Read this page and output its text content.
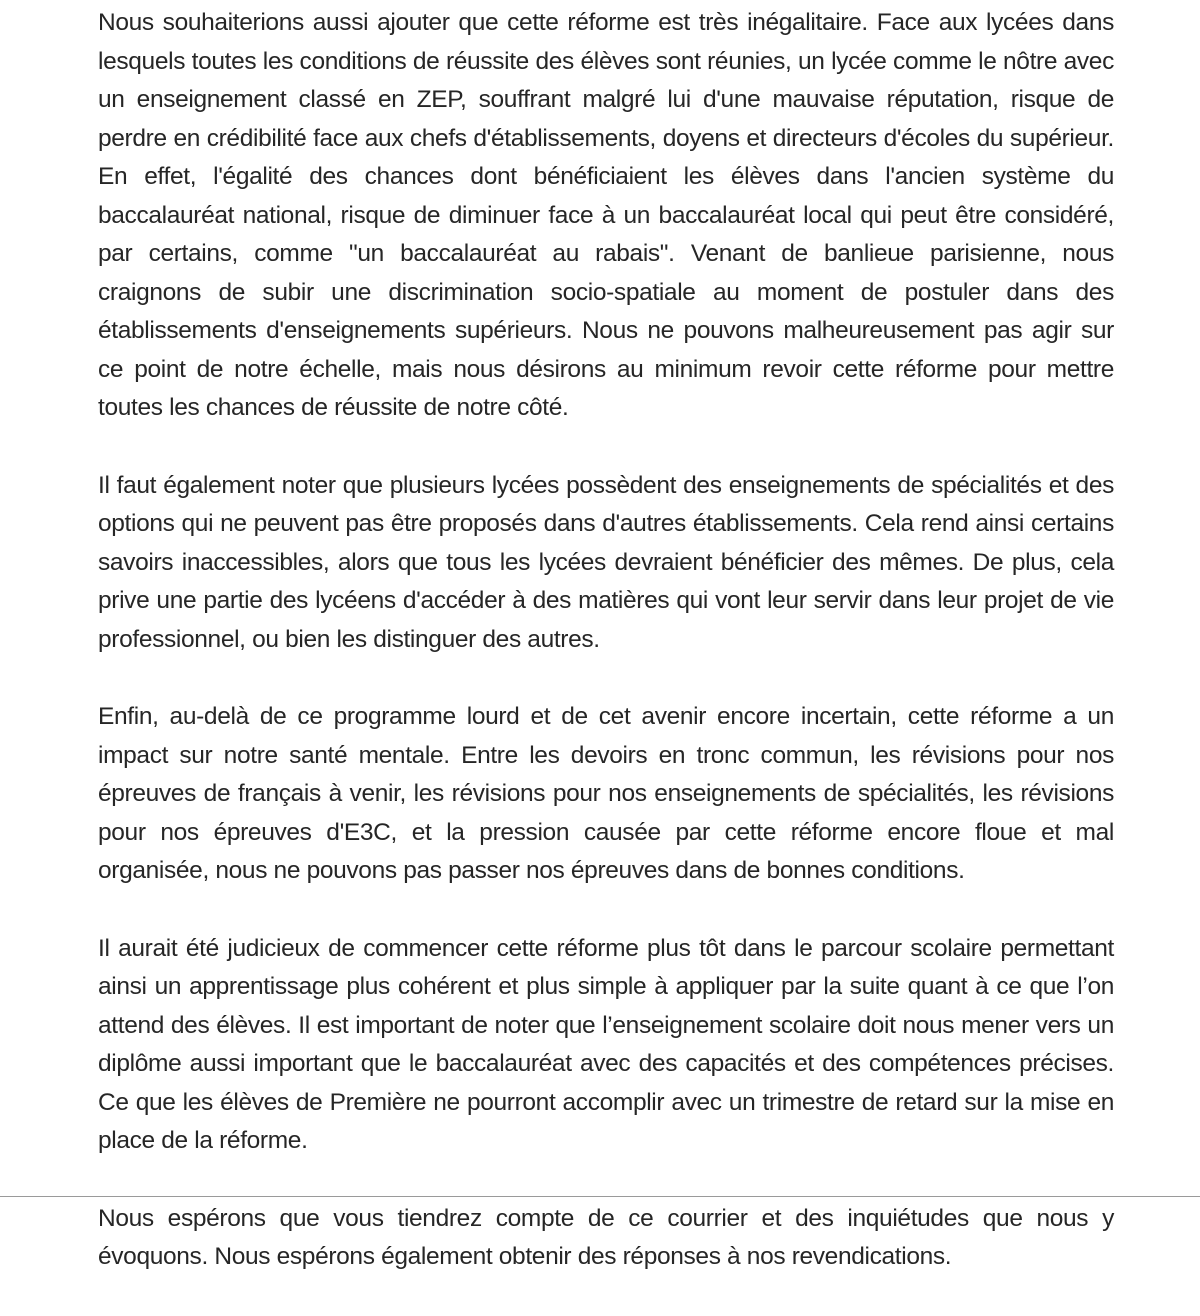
Nous souhaiterions aussi ajouter que cette réforme est très inégalitaire. Face aux lycées dans lesquels toutes les conditions de réussite des élèves sont réunies, un lycée comme le nôtre avec un enseignement classé en ZEP, souffrant malgré lui d'une mauvaise réputation, risque de perdre en crédibilité face aux chefs d'établissements, doyens et directeurs d'écoles du supérieur. En effet, l'égalité des chances dont bénéficiaient les élèves dans l'ancien système du baccalauréat national, risque de diminuer face à un baccalauréat local qui peut être considéré, par certains, comme "un baccalauréat au rabais". Venant de banlieue parisienne, nous craignons de subir une discrimination socio-spatiale au moment de postuler dans des établissements d'enseignements supérieurs. Nous ne pouvons malheureusement pas agir sur ce point de notre échelle, mais nous désirons au minimum revoir cette réforme pour mettre toutes les chances de réussite de notre côté.

Il faut également noter que plusieurs lycées possèdent des enseignements de spécialités et des options qui ne peuvent pas être proposés dans d'autres établissements. Cela rend ainsi certains savoirs inaccessibles, alors que tous les lycées devraient bénéficier des mêmes. De plus, cela prive une partie des lycéens d'accéder à des matières qui vont leur servir dans leur projet de vie professionnel, ou bien les distinguer des autres.

Enfin, au-delà de ce programme lourd et de cet avenir encore incertain, cette réforme a un impact sur notre santé mentale. Entre les devoirs en tronc commun, les révisions pour nos épreuves de français à venir, les révisions pour nos enseignements de spécialités, les révisions pour nos épreuves d'E3C, et la pression causée par cette réforme encore floue et mal organisée, nous ne pouvons pas passer nos épreuves dans de bonnes conditions.

Il aurait été judicieux de commencer cette réforme plus tôt dans le parcour scolaire permettant ainsi un apprentissage plus cohérent et plus simple à appliquer par la suite quant à ce que l’on attend des élèves. Il est important de noter que l’enseignement scolaire doit nous mener vers un diplôme aussi important que le baccalauréat avec des capacités et des compétences précises. Ce que les élèves de Première ne pourront accomplir avec un trimestre de retard sur la mise en place de la réforme.

Nous espérons que vous tiendrez compte de ce courrier et des inquiétudes que nous y évoquons. Nous espérons également obtenir des réponses à nos revendications.
